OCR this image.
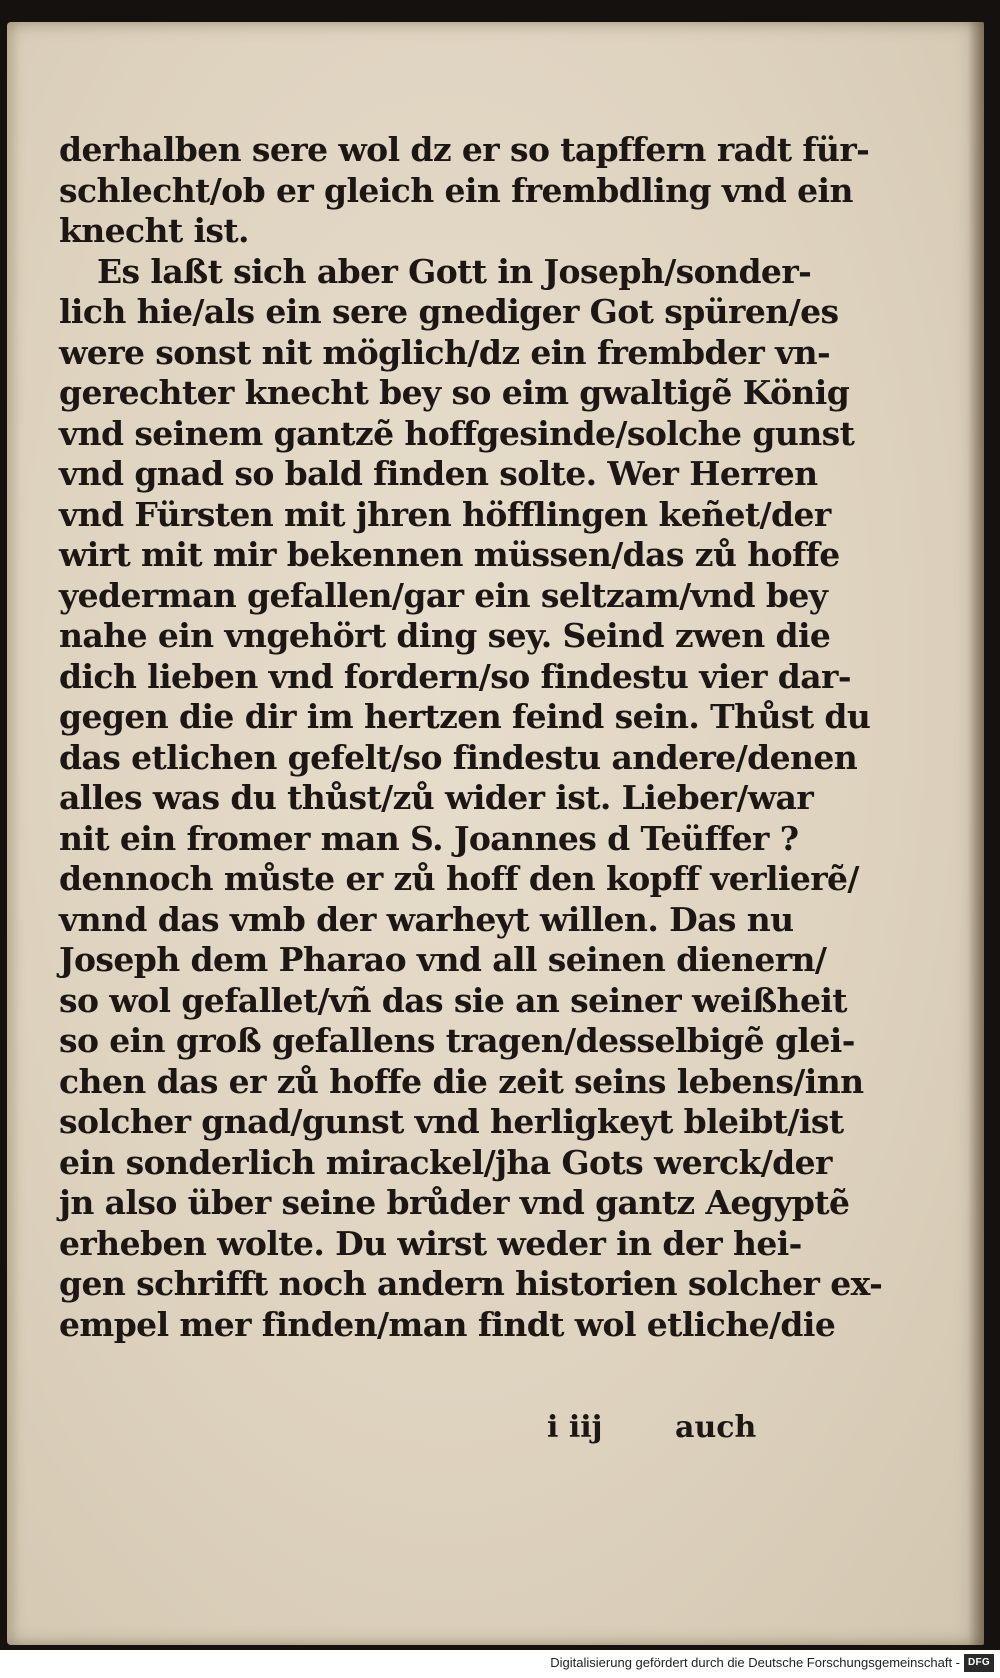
derhalben sere wol dz er so tapffern radt für-
schlecht/ob er gleich ein frembdling vnd ein
knecht ist.
Es laßt sich aber Gott in Joseph/sonder-
lich hie/als ein sere gnediger Got spüren/es
were sonst nit möglich/dz ein frembder vn-
gerechter knecht bey so eim gwaltigẽ König
vnd seinem gantzẽ hoffgesinde/solche gunst
vnd gnad so bald finden solte. Wer Herren
vnd Fürsten mit jhren höfflingen keñet/der
wirt mit mir bekennen müssen/das zů hoffe
yederman gefallen/gar ein seltzam/vnd bey
nahe ein vngehört ding sey. Seind zwen die
dich lieben vnd fordern/so findestu vier dar-
gegen die dir im hertzen feind sein. Thůst du
das etlichen gefelt/so findestu andere/denen
alles was du thůst/zů wider ist. Lieber/war
nit ein fromer man S. Joannes d Teüffer ?
dennoch můste er zů hoff den kopff verlierẽ/
vnnd das vmb der warheyt willen. Das nu
Joseph dem Pharao vnd all seinen dienern/
so wol gefallet/vñ das sie an seiner weißheit
so ein groß gefallens tragen/desselbigẽ glei-
chen das er zů hoffe die zeit seins lebens/inn
solcher gnad/gunst vnd herligkeyt bleibt/ist
ein sonderlich mirackel/jha Gots werck/der
jn also über seine brůder vnd gantz Aegyptẽ
erheben wolte. Du wirst weder in der hei-
gen schrifft noch andern historien solcher ex-
empel mer finden/man findt wol etliche/die
i iij auch
Digitalisierung gefördert durch die Deutsche Forschungsgemeinschaft - DFG
